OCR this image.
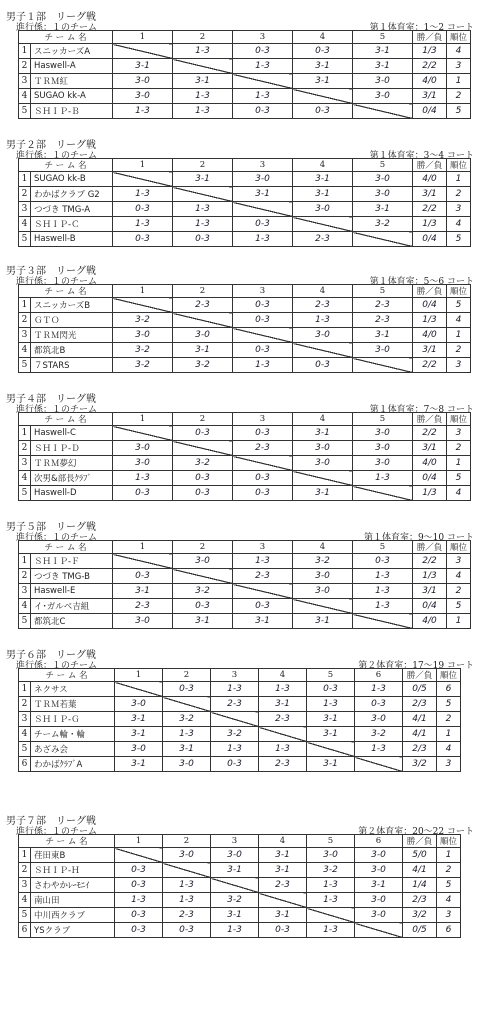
男子１部　リーグ戦
進行係：１のチーム	第１体育室：1〜2 コート
チ ー ム 名		1	2	3	4	5	勝／負	順位
1	スニッカーズA		1-3	0-3	0-3	3-1	1/3	4
2	Haswell-A	3-1		1-3	3-1	3-1	2/2	3
3	ＴＲＭ紅	3-0	3-1		3-1	3-0	4/0	1
4	SUGAO kk-A	3-0	1-3	1-3		3-0	3/1	2
5	ＳＨＩＰ-Ｂ	1-3	1-3	0-3	0-3		0/4	5
男子２部　リーグ戦
進行係：１のチーム	第１体育室：3〜4 コート
チ ー ム 名		1	2	3	4	5	勝／負	順位
1	SUGAO kk-B		3-1	3-0	3-1	3-0	4/0	1
2	わかばクラブ G2	1-3		3-1	3-1	3-0	3/1	2
3	つづき TMG-A	0-3	1-3		3-0	3-1	2/2	3
4	ＳＨＩＰ-Ｃ	1-3	1-3	0-3		3-2	1/3	4
5	Haswell-B	0-3	0-3	1-3	2-3		0/4	5
男子３部　リーグ戦
進行係：１のチーム	第１体育室：5〜6 コート
チ ー ム 名		1	2	3	4	5	勝／負	順位
1	スニッカーズB		2-3	0-3	2-3	2-3	0/4	5
2	ＧＴＯ	3-2		0-3	1-3	2-3	1/3	4
3	ＴＲＭ閃光	3-0	3-0		3-0	3-1	4/0	1
4	都筑北B	3-2	3-1	0-3		3-0	3/1	2
5	７STARS	3-2	3-2	1-3	0-3		2/2	3
男子４部　リーグ戦
進行係：１のチーム	第１体育室：7〜8 コート
チ ー ム 名		1	2	3	4	5	勝／負	順位
1	Haswell-C		0-3	0-3	3-1	3-0	2/2	3
2	ＳＨＩＰ-Ｄ	3-0		2-3	3-0	3-0	3/1	2
3	ＴＲＭ夢幻	3-0	3-2		3-0	3-0	4/0	1
4	次男&部長ｸﾗﾌﾞ	1-3	0-3	0-3		1-3	0/4	5
5	Haswell-D	0-3	0-3	0-3	3-1		1/3	4
男子５部　リーグ戦
進行係：１のチーム	第１体育室：9〜10 コート
チ ー ム 名		1	2	3	4	5	勝／負	順位
1	ＳＨＩＰ-Ｆ		3-0	1-3	3-2	0-3	2/2	3
2	つづき TMG-B	0-3		2-3	3-0	1-3	1/3	4
3	Haswell-E	3-1	3-2		3-0	1-3	3/1	2
4	イ･ガルベ吉組	2-3	0-3	0-3		1-3	0/4	5
5	都筑北C	3-0	3-1	3-1	3-1		4/0	1
男子６部　リーグ戦
進行係：１のチーム	第２体育室：17〜19 コート
チ ー ム 名		1	2	3	4	5	6	勝／負	順位
1	ネクサス		0-3	1-3	1-3	0-3	1-3	0/5	6
2	ＴＲＭ若葉	3-0		2-3	3-1	1-3	0-3	2/3	5
3	ＳＨＩＰ-Ｇ	3-1	3-2		2-3	3-1	3-0	4/1	2
4	チーム輪・輪	3-1	1-3	3-2		3-1	3-2	4/1	1
5	あざみ会	3-0	3-1	1-3	1-3		1-3	2/3	4
6	わかばｸﾗﾌﾞA	3-1	3-0	0-3	2-3	3-1		3/2	3
男子７部　リーグ戦
進行係：１のチーム	第２体育室：20〜22 コート
チ ー ム 名		1	2	3	4	5	6	勝／負	順位
1	荏田東B		3-0	3-0	3-1	3-0	3-0	5/0	1
2	ＳＨＩＰ-Ｈ	0-3		3-1	3-1	3-2	3-0	4/1	2
3	さわやかﾚｰﾓﾆｲ	0-3	1-3		2-3	1-3	3-1	1/4	5
4	南山田	1-3	1-3	3-2		1-3	3-0	2/3	4
5	中川西クラブ	0-3	2-3	3-1	3-1		3-0	3/2	3
6	YSクラブ	0-3	0-3	1-3	0-3	1-3		0/5	6
